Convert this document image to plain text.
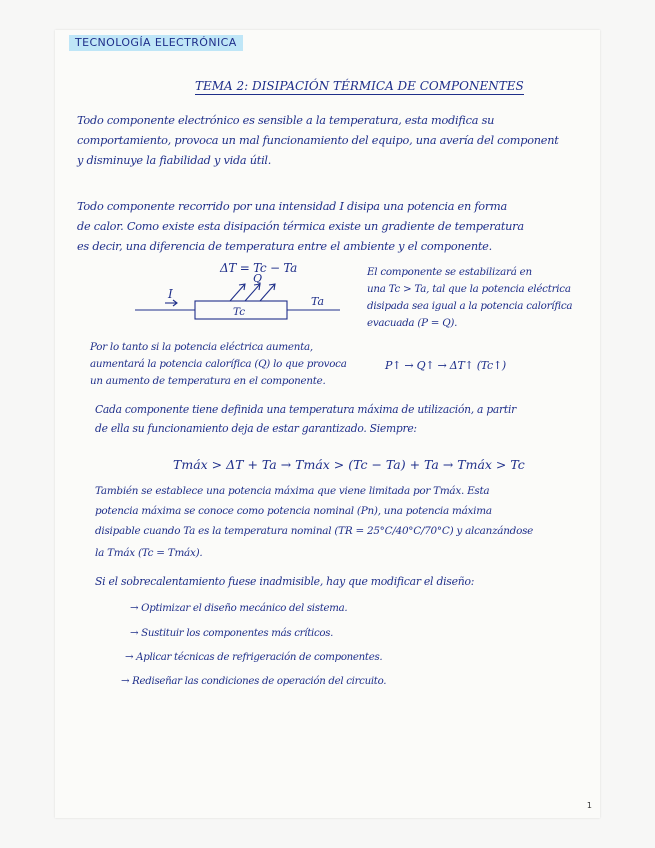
TECNOLOGÍA ELECTRÓNICA
TEMA 2: DISIPACIÓN TÉRMICA DE COMPONENTES
Todo componente electrónico es sensible a la temperatura, esta modifica su
comportamiento, provoca un mal funcionamiento del equipo, una avería del component
y disminuye la fiabilidad y vida útil.
Todo componente recorrido por una intensidad I disipa una potencia en forma
de calor. Como existe esta disipación térmica existe un gradiente de temperatura
es decir, una diferencia de temperatura entre el ambiente y el componente.
ΔT = Tc − Ta
I
Q
Ta
Tc
El componente se estabilizará en
una Tc > Ta, tal que la potencia eléctrica
disipada sea igual a la potencia calorífica
evacuada (P = Q).
Por lo tanto si la potencia eléctrica aumenta,
aumentará la potencia calorífica (Q) lo que provoca
un aumento de temperatura en el componente.
P↑ → Q↑ → ΔT↑ (Tc↑)
Cada componente tiene definida una temperatura máxima de utilización, a partir
de ella su funcionamiento deja de estar garantizado. Siempre:
Tmáx > ΔT + Ta → Tmáx > (Tc − Ta) + Ta → Tmáx > Tc
También se establece una potencia máxima que viene limitada por Tmáx. Esta
potencia máxima se conoce como potencia nominal (Pn), una potencia máxima
disipable cuando Ta es la temperatura nominal (TR = 25°C/40°C/70°C) y alcanzándose
la Tmáx (Tc = Tmáx).
Si el sobrecalentamiento fuese inadmisible, hay que modificar el diseño:
→ Optimizar el diseño mecánico del sistema.
→ Sustituir los componentes más críticos.
→ Aplicar técnicas de refrigeración de componentes.
→ Rediseñar las condiciones de operación del circuito.
1
